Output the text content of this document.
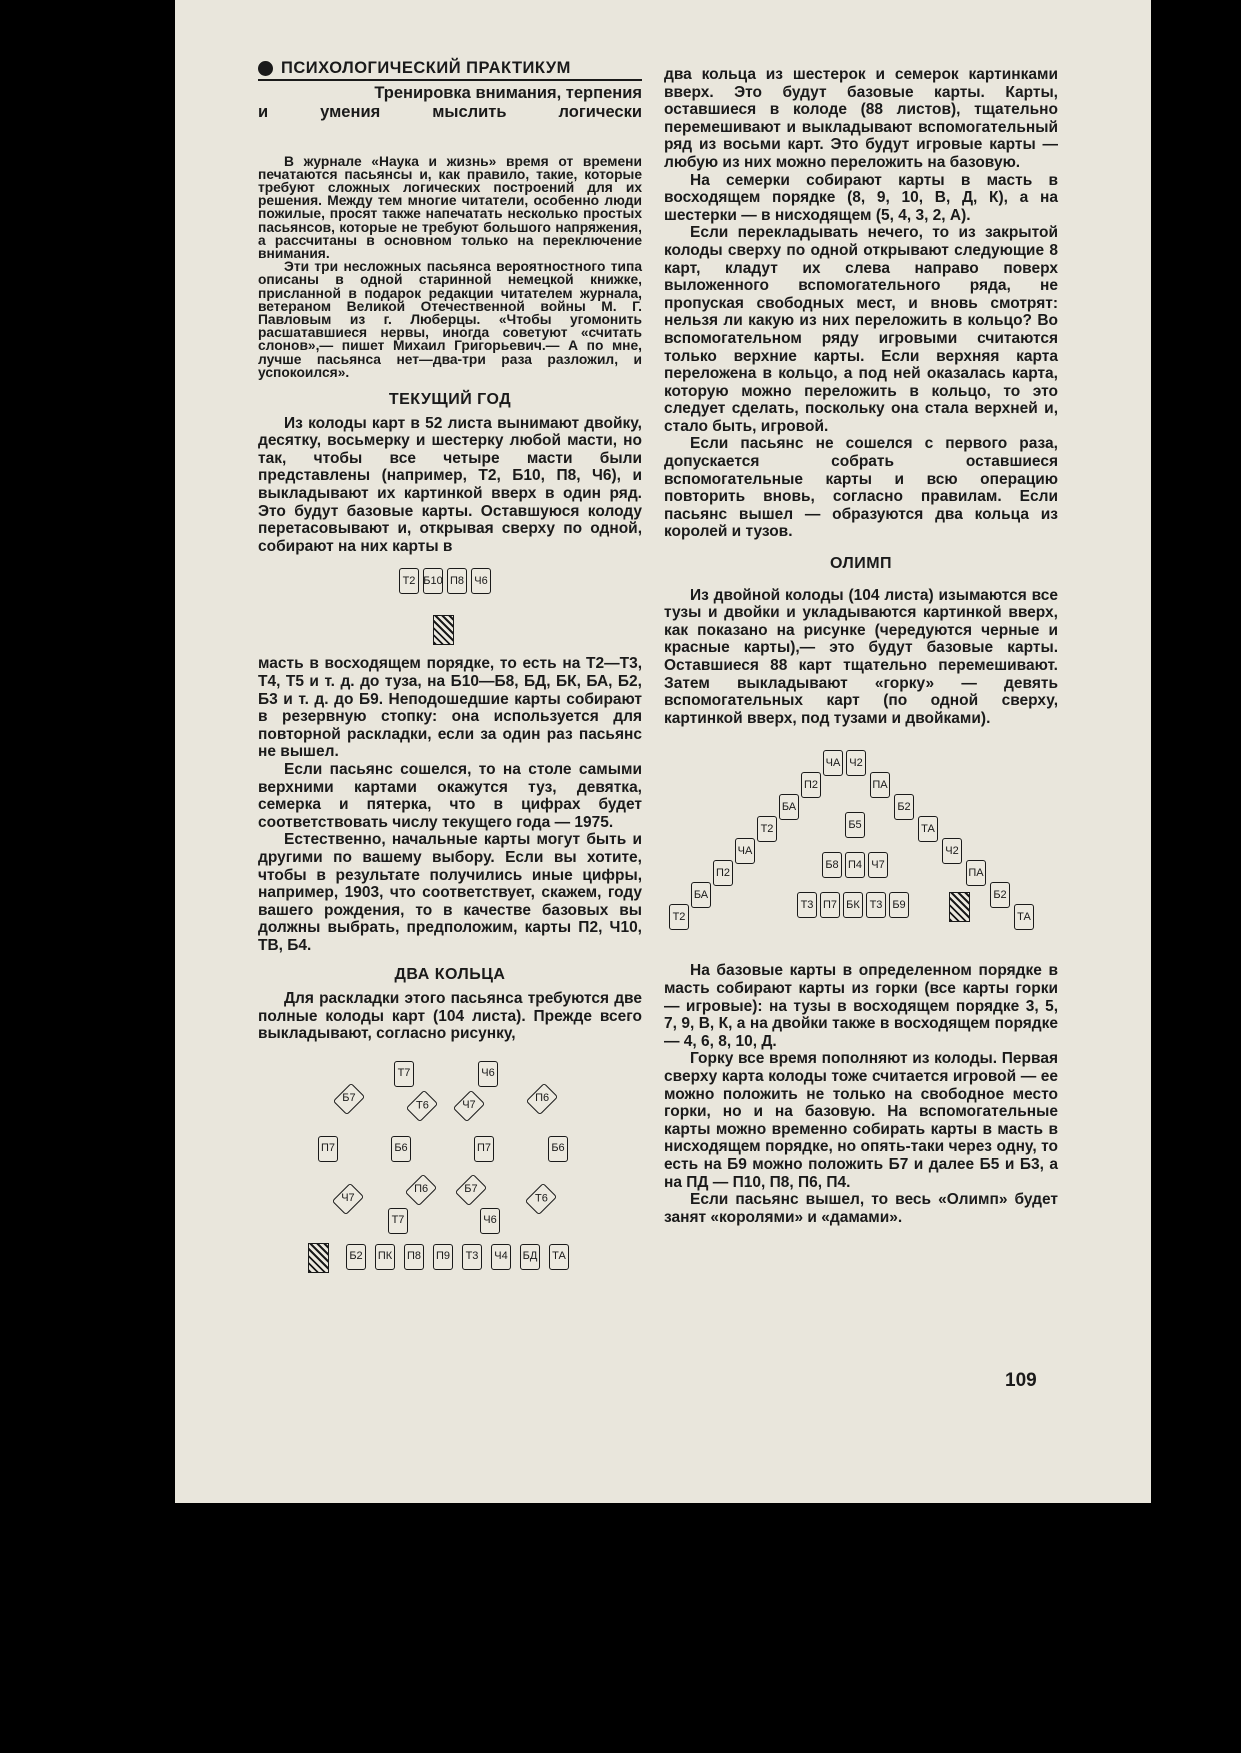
ПСИХОЛОГИЧЕСКИЙ ПРАКТИКУМ
Тренировка внимания, терпения
и умения мыслить логически

В журнале «Наука и жизнь» время от времени печатаются пасьянсы и, как правило, такие, которые требуют сложных логических построений для их решения. Между тем многие читатели, особенно люди пожилые, просят также напечатать несколько простых пасьянсов, которые не требуют большого напряжения, а рассчитаны в основном только на переключение внимания.

Эти три несложных пасьянса вероятностного типа описаны в одной старинной немецкой книжке, присланной в подарок редакции читателем журнала, ветераном Великой Отечественной войны М. Г. Павловым из г. Люберцы. «Чтобы угомонить расшатавшиеся нервы, иногда советуют «считать слонов»,— пишет Михаил Григорьевич.— А по мне, лучше пасьянса нет—два-три раза разложил, и успокоился».

ТЕКУЩИЙ ГОД

Из колоды карт в 52 листа вынимают двойку, десятку, восьмерку и шестерку любой масти, но так, чтобы все четыре масти были представлены (например, Т2, Б10, П8, Ч6), и выкладывают их картинкой вверх в один ряд. Это будут базовые карты. Оставшуюся колоду перетасовывают и, открывая сверху по одной, собирают на них карты в

Т2 Б10 П8 Ч6

масть в восходящем порядке, то есть на Т2—Т3, Т4, Т5 и т. д. до туза, на Б10—Б8, БД, БК, БА, Б2, Б3 и т. д. до Б9. Неподошедшие карты собирают в резервную стопку: она используется для повторной раскладки, если за один раз пасьянс не вышел.

Если пасьянс сошелся, то на столе самыми верхними картами окажутся туз, девятка, семерка и пятерка, что в цифрах будет соответствовать числу текущего года — 1975.

Естественно, начальные карты могут быть и другими по вашему выбору. Если вы хотите, чтобы в результате получились иные цифры, например, 1903, что соответствует, скажем, году вашего рождения, то в качестве базовых вы должны выбрать, предположим, карты П2, Ч10, ТВ, Б4.

ДВА КОЛЬЦА

Для раскладки этого пасьянса требуются две полные колоды карт (104 листа). Прежде всего выкладывают, согласно рисунку,

Т7	Ч6
Б7
Т6	Ч7
П6
П7	Б6	П7	Б6
Ч7
П6	Б7
Т6
Т7	Ч6
Б2 ПК П8 П9 Т3 Ч4 БД ТА

два кольца из шестерок и семерок картинками вверх. Это будут базовые карты. Карты, оставшиеся в колоде (88 листов), тщательно перемешивают и выкладывают вспомогательный ряд из восьми карт. Это будут игровые карты — любую из них можно переложить на базовую.

На семерки собирают карты в масть в восходящем порядке (8, 9, 10, В, Д, К), а на шестерки — в нисходящем (5, 4, 3, 2, А).

Если перекладывать нечего, то из закрытой колоды сверху по одной открывают следующие 8 карт, кладут их слева направо поверх выложенного вспомогательного ряда, не пропуская свободных мест, и вновь смотрят: нельзя ли какую из них переложить в кольцо? Во вспомогательном ряду игровыми считаются только верхние карты. Если верхняя карта переложена в кольцо, а под ней оказалась карта, которую можно переложить в кольцо, то это следует сделать, поскольку она стала верхней и, стало быть, игровой.

Если пасьянс не сошелся с первого раза, допускается собрать оставшиеся вспомогательные карты и всю операцию повторить вновь, согласно правилам. Если пасьянс вышел — образуются два кольца из королей и тузов.

ОЛИМП

Из двойной колоды (104 листа) изымаются все тузы и двойки и укладываются картинкой вверх, как показано на рисунке (чередуются черные и красные карты),— это будут базовые карты. Оставшиеся 88 карт тщательно перемешивают. Затем выкладывают «горку» — девять вспомогательных карт (по одной сверху, картинкой вверх, под тузами и двойками).

Т2
БА
П2
ЧА
Т2
БА
П2
ЧА Ч2
ПА
Б2
ТА
Ч2
ПА
Б2
ТА
Б5
Б8 П4 Ч7
Т3 П7 БК Т3 Б9

На базовые карты в определенном порядке в масть собирают карты из горки (все карты горки — игровые): на тузы в восходящем порядке 3, 5, 7, 9, В, К, а на двойки также в восходящем порядке — 4, 6, 8, 10, Д.

Горку все время пополняют из колоды. Первая сверху карта колоды тоже считается игровой — ее можно положить не только на свободное место горки, но и на базовую. На вспомогательные карты можно временно собирать карты в масть в нисходящем порядке, но опять-таки через одну, то есть на Б9 можно положить Б7 и далее Б5 и Б3, а на ПД — П10, П8, П6, П4.

Если пасьянс вышел, то весь «Олимп» будет занят «королями» и «дамами».

109
